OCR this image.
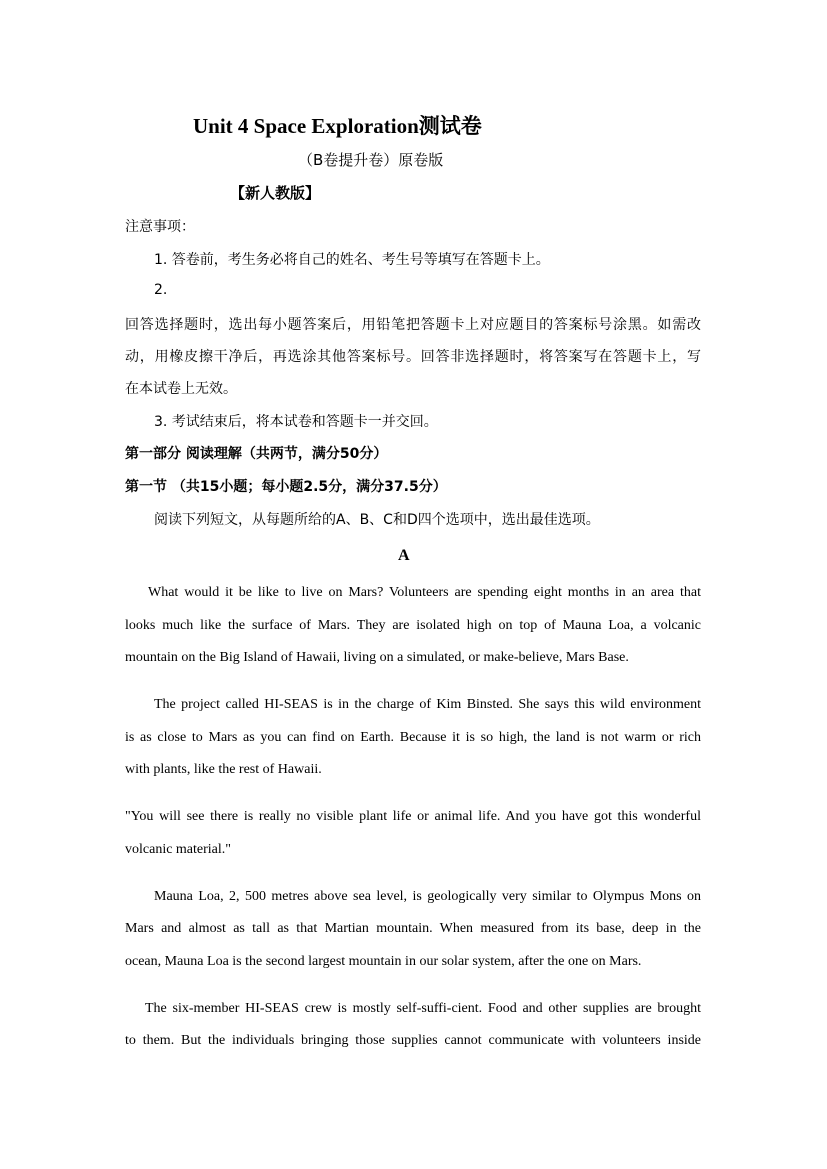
Unit 4 Space Exploration测试卷
（B卷提升卷）原卷版
【新人教版】
注意事项：
1. 答卷前，考生务必将自己的姓名、考生号等填写在答题卡上。
2.
回答选择题时，选出每小题答案后，用铅笔把答题卡上对应题目的答案标号涂黑。如需改
动，用橡皮擦干净后，再选涂其他答案标号。回答非选择题时，将答案写在答题卡上，写
在本试卷上无效。
3. 考试结束后，将本试卷和答题卡一并交回。
第一部分 阅读理解（共两节，满分50分）
第一节 （共15小题；每小题2.5分，满分37.5分）
阅读下列短文，从每题所给的A、B、C和D四个选项中，选出最佳选项。
A
What would it be like to live on Mars? Volunteers are spending eight months in an area that
looks much like the surface of Mars. They are isolated high on top of Mauna Loa, a volcanic
mountain on the Big Island of Hawaii, living on a simulated, or make-believe, Mars Base.
The project called HI-SEAS is in the charge of Kim Binsted. She says this wild environment
is as close to Mars as you can find on Earth. Because it is so high, the land is not warm or rich
with plants, like the rest of Hawaii.
"You will see there is really no visible plant life or animal life. And you have got this wonderful
volcanic material."
Mauna Loa, 2, 500 metres above sea level, is geologically very similar to Olympus Mons on
Mars and almost as tall as that Martian mountain. When measured from its base, deep in the
ocean, Mauna Loa is the second largest mountain in our solar system, after the one on Mars.
The six-member HI-SEAS crew is mostly self-suffi-cient. Food and other supplies are brought
to them. But the individuals bringing those supplies cannot communicate with volunteers inside
